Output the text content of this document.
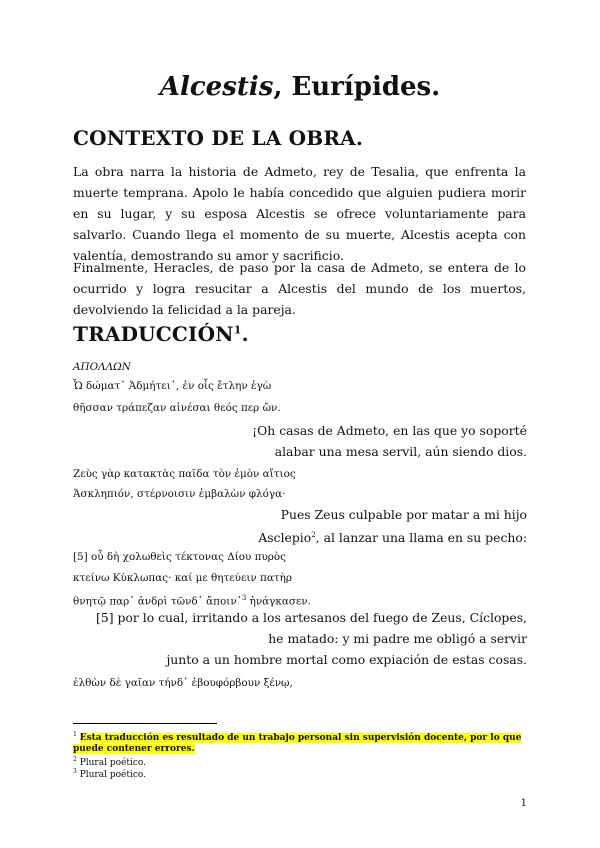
Alcestis, Eurípides.
CONTEXTO DE LA OBRA.
La obra narra la historia de Admeto, rey de Tesalia, que enfrenta la muerte temprana. Apolo le había concedido que alguien pudiera morir en su lugar, y su esposa Alcestis se ofrece voluntariamente para salvarlo. Cuando llega el momento de su muerte, Alcestis acepta con valentía, demostrando su amor y sacrificio.
Finalmente, Heracles, de paso por la casa de Admeto, se entera de lo ocurrido y logra resucitar a Alcestis del mundo de los muertos, devolviendo la felicidad a la pareja.
TRADUCCIÓN$^1$.
ΑΠΟΛΛΩΝ
Ὦ δώματ᾽ Ἀδμήτει᾽, ἐν οἷς ἔτλην ἐγὼ
θῆσσαν τράπεζαν αἰνέσαι θεός περ ὤν.
¡Oh casas de Admeto, en las que yo soporté
alabar una mesa servil, aún siendo dios.
Ζεὺς γὰρ κατακτὰς παῖδα τὸν ἐμὸν αἴτιος
Ἀσκληπιόν, στέρνοισιν ἐμβαλὼν φλόγα·
Pues Zeus culpable por matar a mi hijo
Asclepio$^2$, al lanzar una llama en su pecho:
[5] οὗ δὴ χολωθεὶς τέκτονας Δίου πυρὸς
κτείνω Κύκλωπας· καί με θητεύειν πατὴρ
θνητῷ παρ᾽ ἀνδρὶ τῶνδ᾽ ἄποιν᾽$^3$ ἠνάγκασεν.
[5] por lo cual, irritando a los artesanos del fuego de Zeus, Cíclopes,
he matado: y mi padre me obligó a servir
junto a un hombre mortal como expiación de estas cosas.
ἐλθὼν δὲ γαῖαν τήνδ᾽ ἐβουφόρβουν ξένῳ,
$^1$ Esta traducción es resultado de un trabajo personal sin supervisión docente, por lo que puede contener errores.
$^2$ Plural poético.
$^3$ Plural poético.
1
